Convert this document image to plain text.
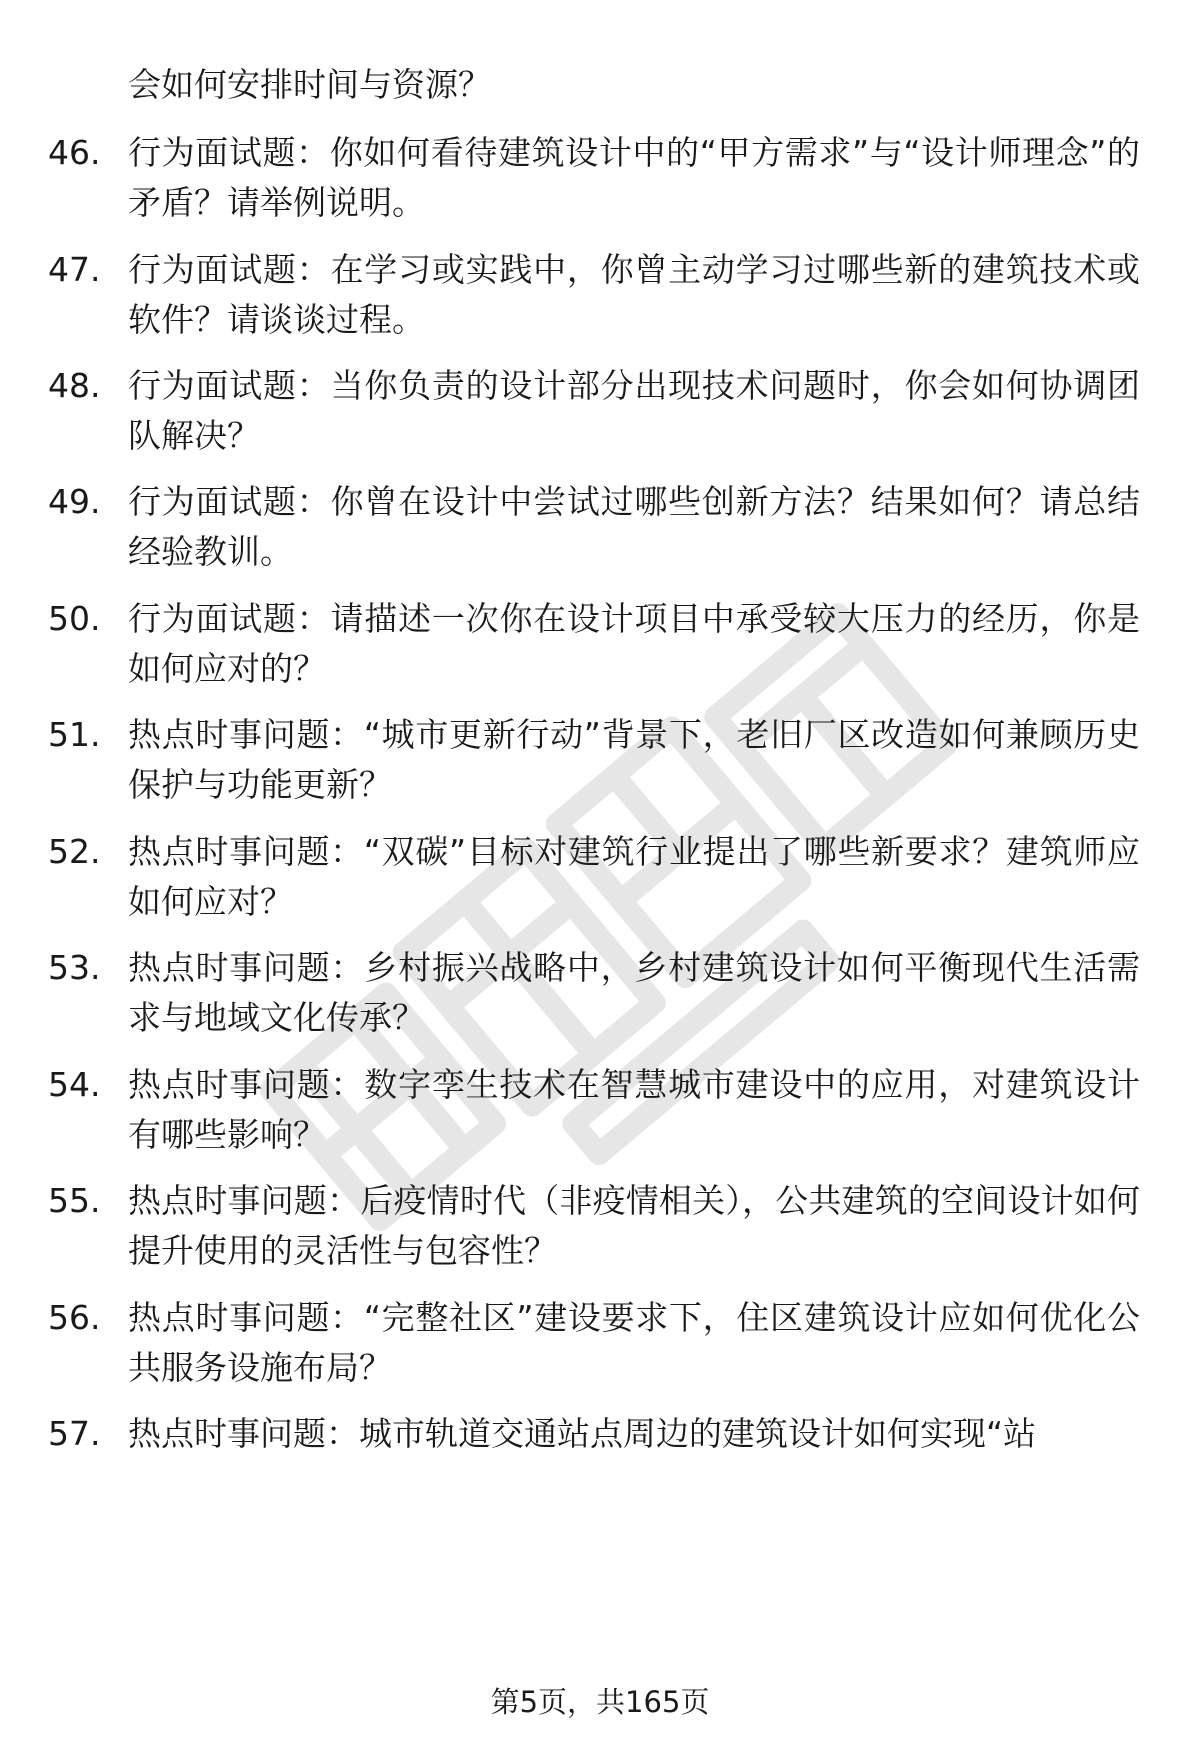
会如何安排时间与资源？
46. 行为面试题：你如何看待建筑设计中的“甲方需求”与“设计师理念”的矛盾？请举例说明。
47. 行为面试题：在学习或实践中，你曾主动学习过哪些新的建筑技术或软件？请谈谈过程。
48. 行为面试题：当你负责的设计部分出现技术问题时，你会如何协调团队解决？
49. 行为面试题：你曾在设计中尝试过哪些创新方法？结果如何？请总结经验教训。
50. 行为面试题：请描述一次你在设计项目中承受较大压力的经历，你是如何应对的？
51. 热点时事问题：“城市更新行动”背景下，老旧厂区改造如何兼顾历史保护与功能更新？
52. 热点时事问题：“双碳”目标对建筑行业提出了哪些新要求？建筑师应如何应对？
53. 热点时事问题：乡村振兴战略中，乡村建筑设计如何平衡现代生活需求与地域文化传承？
54. 热点时事问题：数字孪生技术在智慧城市建设中的应用，对建筑设计有哪些影响？
55. 热点时事问题：后疫情时代（非疫情相关），公共建筑的空间设计如何提升使用的灵活性与包容性？
56. 热点时事问题：“完整社区”建设要求下，住区建筑设计应如何优化公共服务设施布局？
57. 热点时事问题：城市轨道交通站点周边的建筑设计如何实现“站
第5页，共165页
